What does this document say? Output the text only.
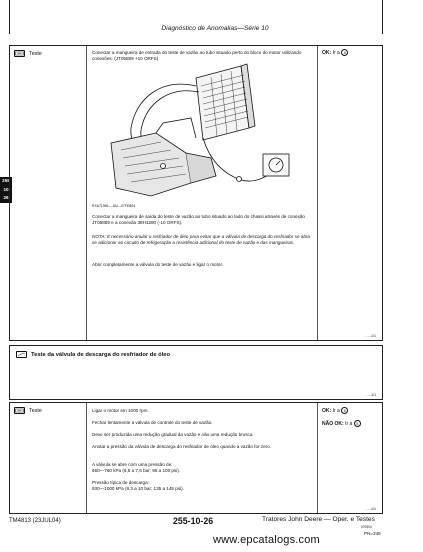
Diagnóstico de Anomalias—Série 10
255
10
26
Teste	Conectar a mangueira de entrada do teste de vazão ao tubo situado perto do bloco do motor utilizando conexões. (JT05889 +10 ORFS)
RXA71965 —UN—07FEB04
Conectar a mangueira de saída do teste de vazão ao tubo situado ao lado do chassi através de conexão JT05889 e a conexão 38H1280 (-10 ORFS).
NOTA: É necessário anular o resfriador de óleo para evitar que a válvula de descarga do resfriador se abra se adicionar ao circuito de refrigeração a resistência adicional do teste de vazão e das mangueiras.
Abrir completamente a válvula do teste de vazão e ligar o motor.
OK: Ir a 5
- - -1/1
Teste da válvula de descarga do resfriador de óleo
- - -1/1
Teste	Ligar o motor em 1000 rpm.
Fechar lentamente a válvula de controle do teste de vazão.
Deve ser produzida uma redução gradual da vazão e não uma redução brusca.
Anotar a pressão da válvula de descarga do resfriador de óleo quando a vazão for zero.
A válvula se abre com uma pressão de:
650—760 kPa (6,5 a 7,6 bar; 95 a 100 psi).
Pressão típica de descarga:
930—1000 kPa (9,3 a 10 bar; 135 a 145 psi).
OK: Ir a 6
NÃO OK: Ir a 5
- - -1/1
TM4813 (23JUL04)	255-10-26	Tratores John Deere — Oper. e Testes
070504
PN=245
www.epcatalogs.com
